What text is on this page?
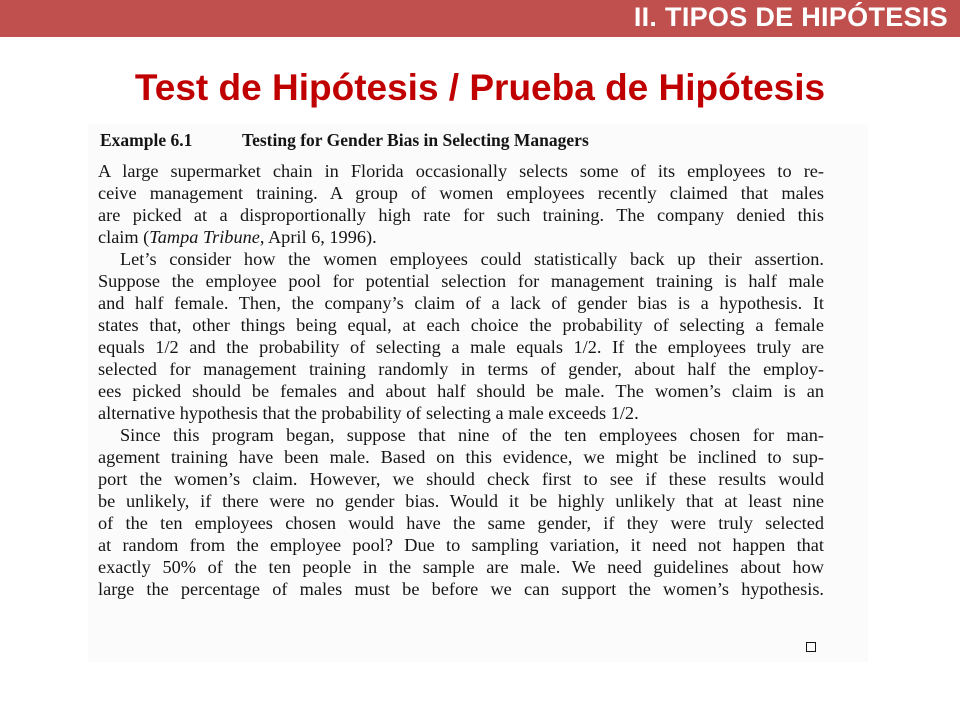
II. TIPOS DE HIPÓTESIS
Test de Hipótesis / Prueba de Hipótesis
Example 6.1	Testing for Gender Bias in Selecting Managers
A large supermarket chain in Florida occasionally selects some of its employees to re-
ceive management training. A group of women employees recently claimed that males
are picked at a disproportionally high rate for such training. The company denied this
claim (Tampa Tribune, April 6, 1996).
Let’s consider how the women employees could statistically back up their assertion.
Suppose the employee pool for potential selection for management training is half male
and half female. Then, the company’s claim of a lack of gender bias is a hypothesis. It
states that, other things being equal, at each choice the probability of selecting a female
equals 1/2 and the probability of selecting a male equals 1/2. If the employees truly are
selected for management training randomly in terms of gender, about half the employ-
ees picked should be females and about half should be male. The women’s claim is an
alternative hypothesis that the probability of selecting a male exceeds 1/2.
Since this program began, suppose that nine of the ten employees chosen for man-
agement training have been male. Based on this evidence, we might be inclined to sup-
port the women’s claim. However, we should check first to see if these results would
be unlikely, if there were no gender bias. Would it be highly unlikely that at least nine
of the ten employees chosen would have the same gender, if they were truly selected
at random from the employee pool? Due to sampling variation, it need not happen that
exactly 50% of the ten people in the sample are male. We need guidelines about how
large the percentage of males must be before we can support the women’s hypothesis.
